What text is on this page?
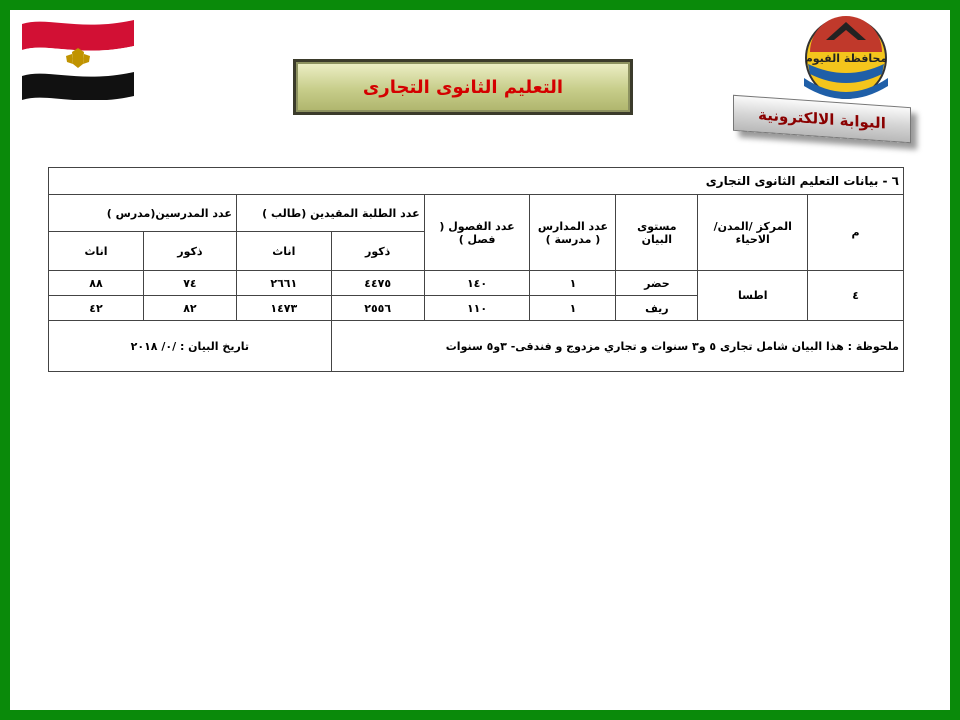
محافظة الفيوم
التعليم الثانوى التجارى
البوابة الالكترونية
٦ - بيانات التعليم الثانوى التجارى								
م	المركز /المدن/الاحياء	مستوى البيان	عدد المدارس ( مدرسة )	عدد الفصول ( فصل )	عدد الطلبة المقيدين (طالب )		عدد المدرسين(مدرس )	
					ذكور	اناث	ذكور	اناث
٤	اطسا	حضر	١	١٤٠	٤٤٧٥	٢٦٦١	٧٤	٨٨
		ريف	١	١١٠	٢٥٥٦	١٤٧٣	٨٢	٤٢
ملحوظة : هذا البيان شامل تجارى ٥ و٣ سنوات و تجاري مزدوج و فندقى- ٣و٥ سنوات						تاريخ البيان : /٠/ ٢٠١٨		
